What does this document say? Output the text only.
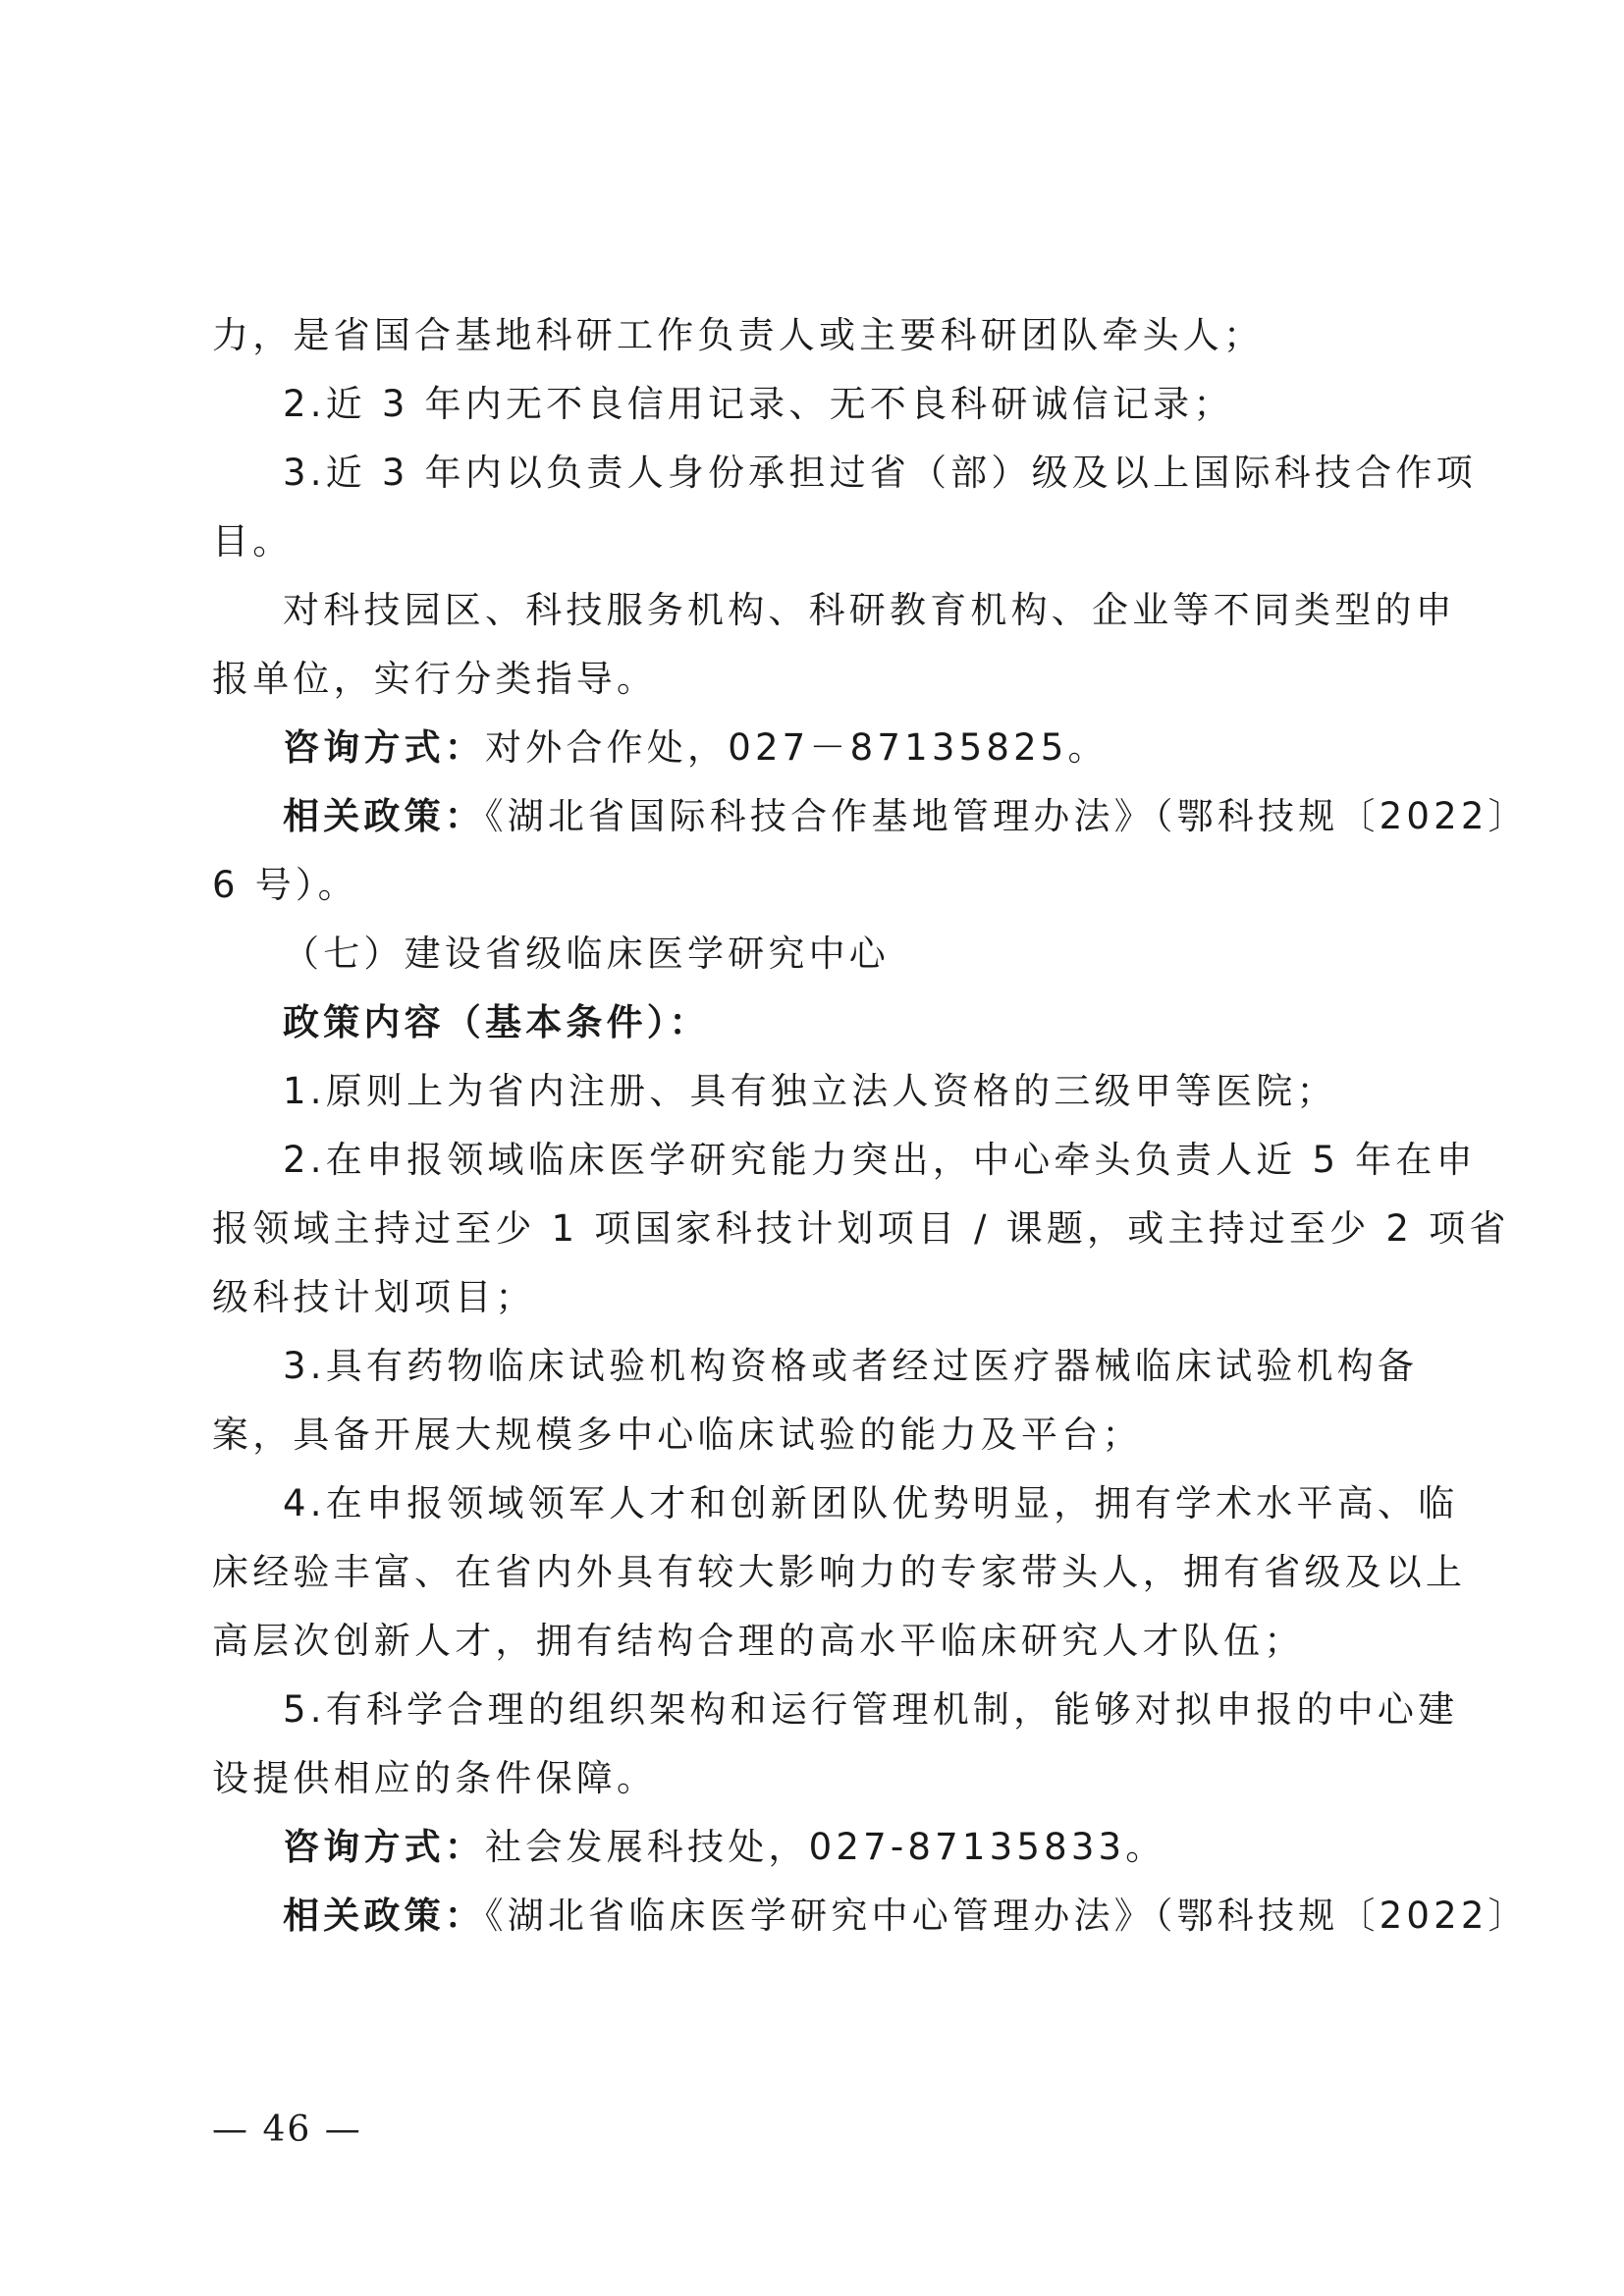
力，是省国合基地科研工作负责人或主要科研团队牵头人；
2.近 3 年内无不良信用记录、无不良科研诚信记录；
3.近 3 年内以负责人身份承担过省（部）级及以上国际科技合作项
目。
对科技园区、科技服务机构、科研教育机构、企业等不同类型的申
报单位，实行分类指导。
咨询方式：对外合作处，027－87135825。
相关政策：《湖北省国际科技合作基地管理办法》（鄂科技规〔2022〕
6 号）。
（七）建设省级临床医学研究中心
政策内容（基本条件）：
1.原则上为省内注册、具有独立法人资格的三级甲等医院；
2.在申报领域临床医学研究能力突出，中心牵头负责人近 5 年在申
报领域主持过至少 1 项国家科技计划项目 / 课题，或主持过至少 2 项省
级科技计划项目；
3.具有药物临床试验机构资格或者经过医疗器械临床试验机构备
案，具备开展大规模多中心临床试验的能力及平台；
4.在申报领域领军人才和创新团队优势明显，拥有学术水平高、临
床经验丰富、在省内外具有较大影响力的专家带头人，拥有省级及以上
高层次创新人才，拥有结构合理的高水平临床研究人才队伍；
5.有科学合理的组织架构和运行管理机制，能够对拟申报的中心建
设提供相应的条件保障。
咨询方式：社会发展科技处，027-87135833。
相关政策：《湖北省临床医学研究中心管理办法》（鄂科技规〔2022〕
— 46 —
